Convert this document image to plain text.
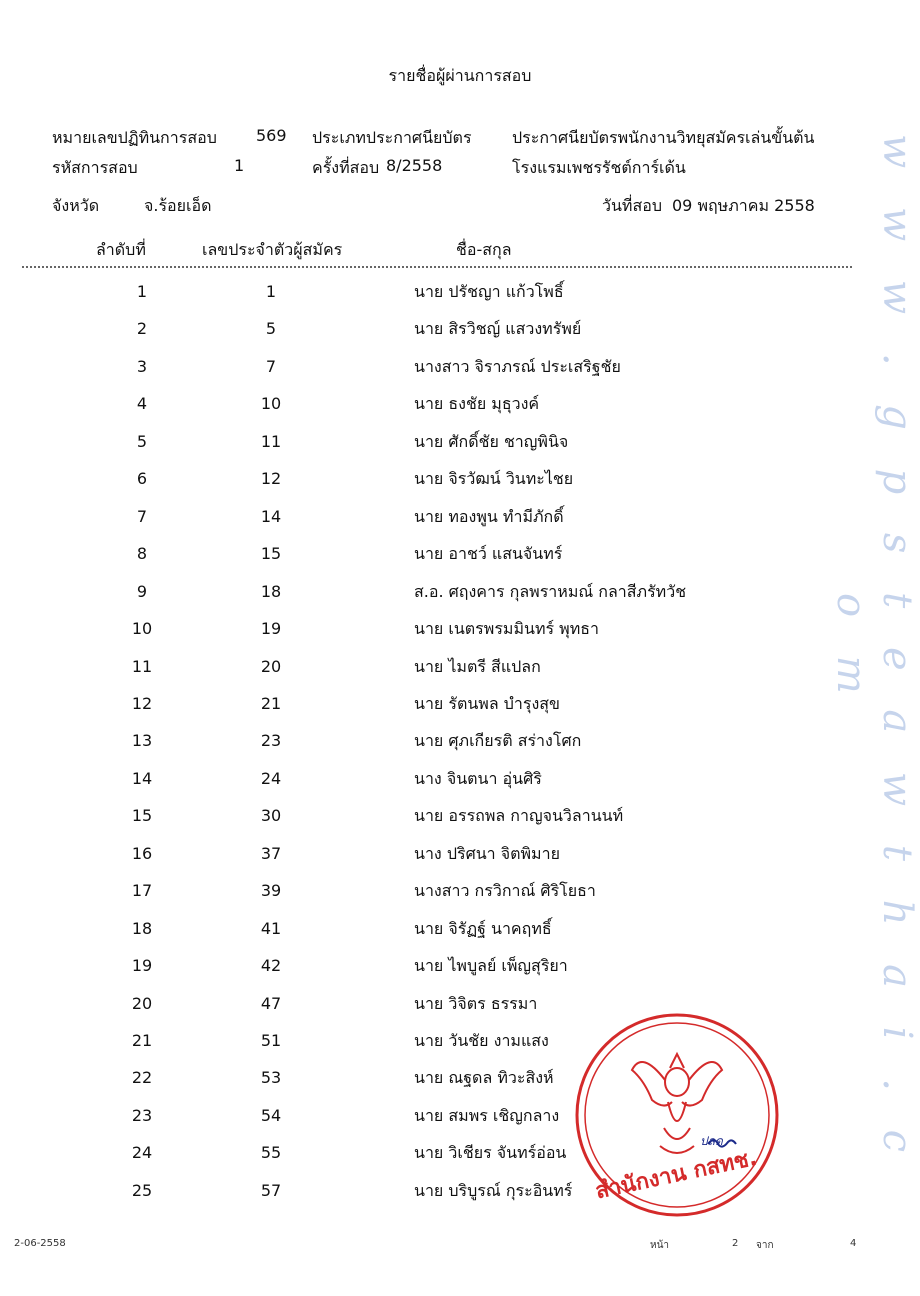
รายชื่อผู้ผ่านการสอบ
หมายเลขปฏิทินการสอบ 569 ประเภทประกาศนียบัตร	ประกาศนียบัตรพนักงานวิทยุสมัครเล่นขั้นต้น
รหัสการสอบ	1	ครั้งที่สอบ 8/2558	โรงแรมเพชรรัชต์การ์เด้น
จังหวัด	จ.ร้อยเอ็ด	วันที่สอบ 09 พฤษภาคม 2558
ลำดับที่	เลขประจำตัวผู้สมัคร	ชื่อ-สกุล
1	1	นาย ปรัชญา แก้วโพธิ์
2	5	นาย สิรวิชญ์ แสวงทรัพย์
3	7	นางสาว จิราภรณ์ ประเสริฐชัย
4	10	นาย ธงชัย มุธุวงค์
5	11	นาย ศักดิ์ชัย ชาญพินิจ
6	12	นาย จิรวัฒน์ วินทะไชย
7	14	นาย ทองพูน ทำมีภักดิ์
8	15	นาย อาชว์ แสนจันทร์
9	18	ส.อ. ศฤงคาร กุลพราหมณ์ กลาสีภรัทวัช
10	19	นาย เนตรพรมมินทร์ พุทธา
11	20	นาย ไมตรี สีแปลก
12	21	นาย รัตนพล บำรุงสุข
13	23	นาย ศุภเกียรติ สร่างโศก
14	24	นาง จินตนา อุ่นศิริ
15	30	นาย อรรถพล กาญจนวิลานนท์
16	37	นาง ปริศนา จิตพิมาย
17	39	นางสาว กรวิกาณ์ ศิริโยธา
18	41	นาย จิรัฏฐ์ นาคฤทธิ์
19	42	นาย ไพบูลย์ เพ็ญสุริยา
20	47	นาย วิจิตร ธรรมา
21	51	นาย วันชัย งามแสง
22	53	นาย ณฐดล ทิวะสิงห์
23	54	นาย สมพร เชิญกลาง
24	55	นาย วิเชียร จันทร์อ่อน
25	57	นาย บริบูรณ์ กุระอินทร์
ปลด
สำนักงาน กสทช.
w w w . g p s t e a w t h a i . c o m
2-06-2558	หน้า	2 จาก	4
